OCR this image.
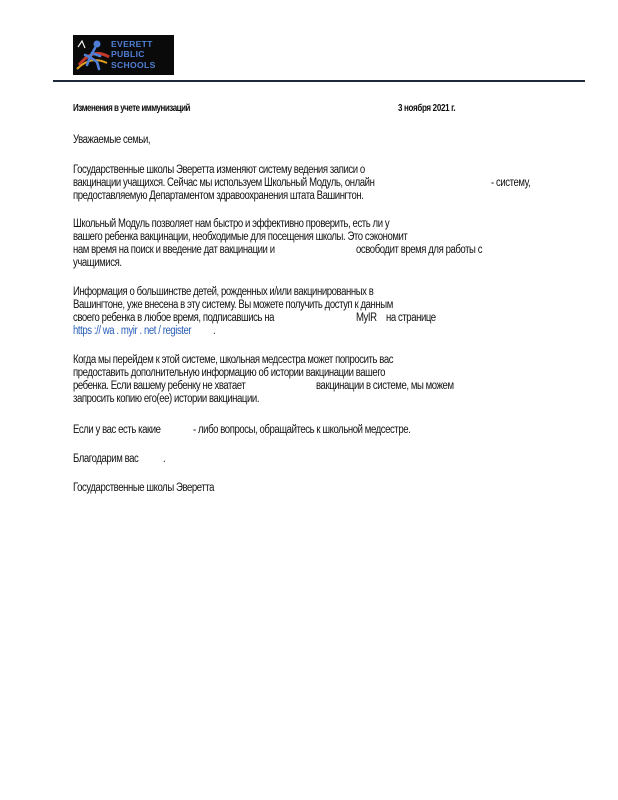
EVERETT
PUBLIC
SCHOOLS
Изменения в учете иммунизаций	3 ноября 2021 г.
Уважаемые семьи,
Государственные школы Эверетта изменяют систему ведения записи о
вакцинации учащихся. Сейчас мы используем Школьный Модуль, онлайн	- систему,
предоставляемую Департаментом здравоохранения штата Вашингтон.
Школьный Модуль позволяет нам быстро и эффективно проверить, есть ли у
вашего ребенка вакцинации, необходимые для посещения школы. Это сэкономит
нам время на поиск и введение дат вакцинации и	освободит время для работы с
учащимися.
Информация о большинстве детей, рожденных и/или вакцинированных в
Вашингтоне, уже внесена в эту систему. Вы можете получить доступ к данным
своего ребенка в любое время, подписавшись на	MyIR на странице
https :// wa . myir . net / register .
Когда мы перейдем к этой системе, школьная медсестра может попросить вас
предоставить дополнительную информацию об истории вакцинации вашего
ребенка. Если вашему ребенку не хватает	вакцинации в системе, мы можем
запросить копию его(ее) истории вакцинации.
Если у вас есть какие	- либо вопросы, обращайтесь к школьной медсестре.
Благодарим вас .
Государственные школы Эверетта
